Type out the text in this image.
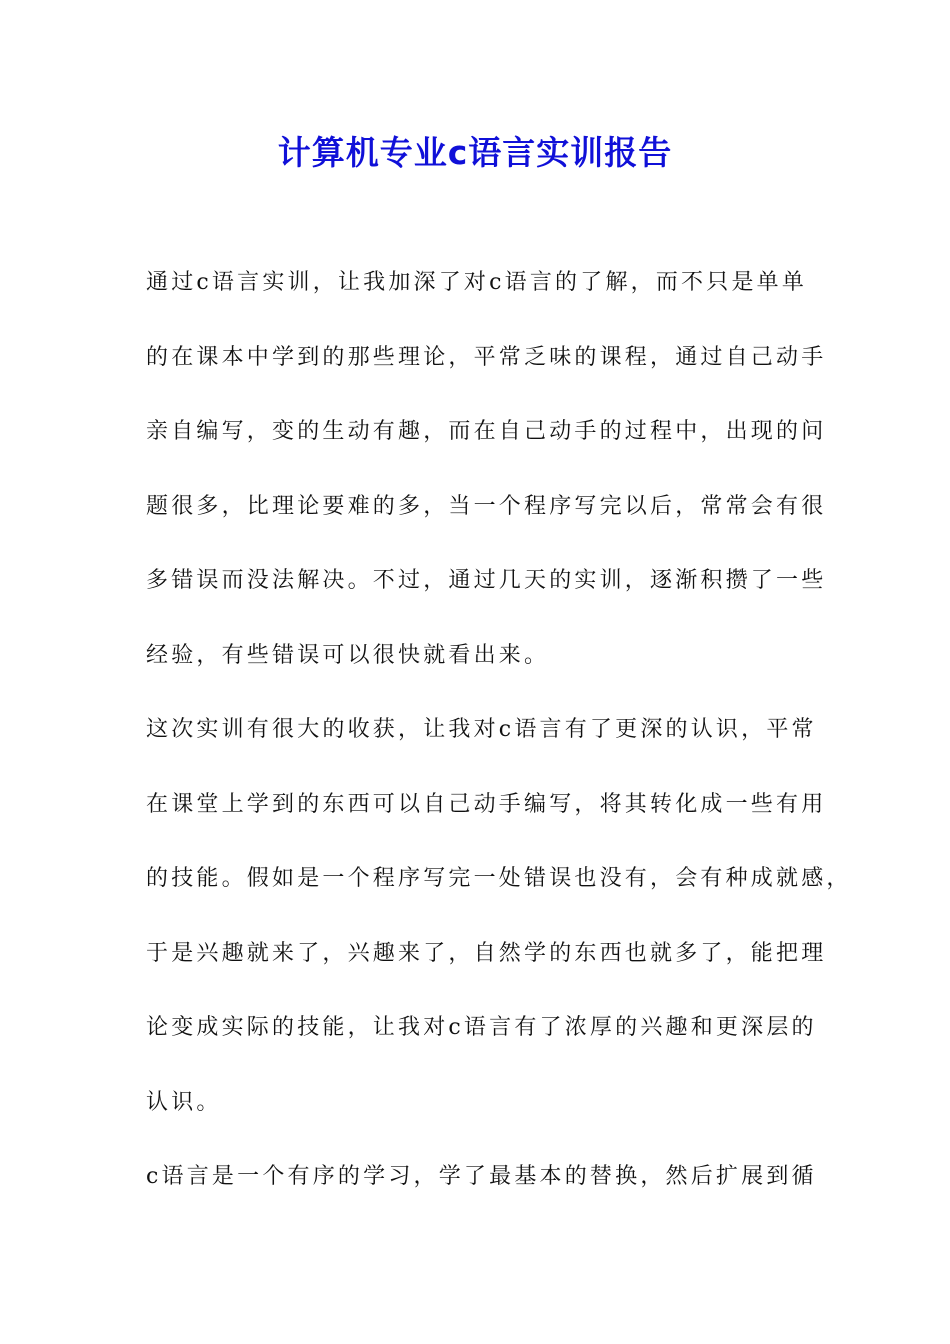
计算机专业c语言实训报告

通过c语言实训，让我加深了对c语言的了解，而不只是单单
的在课本中学到的那些理论，平常乏味的课程，通过自己动手
亲自编写，变的生动有趣，而在自己动手的过程中，出现的问
题很多，比理论要难的多，当一个程序写完以后，常常会有很
多错误而没法解决。不过，通过几天的实训，逐渐积攒了一些
经验，有些错误可以很快就看出来。

这次实训有很大的收获，让我对c语言有了更深的认识，平常
在课堂上学到的东西可以自己动手编写，将其转化成一些有用
的技能。假如是一个程序写完一处错误也没有，会有种成就感，
于是兴趣就来了，兴趣来了，自然学的东西也就多了，能把理
论变成实际的技能，让我对c语言有了浓厚的兴趣和更深层的
认识。

c语言是一个有序的学习，学了最基本的替换，然后扩展到循
